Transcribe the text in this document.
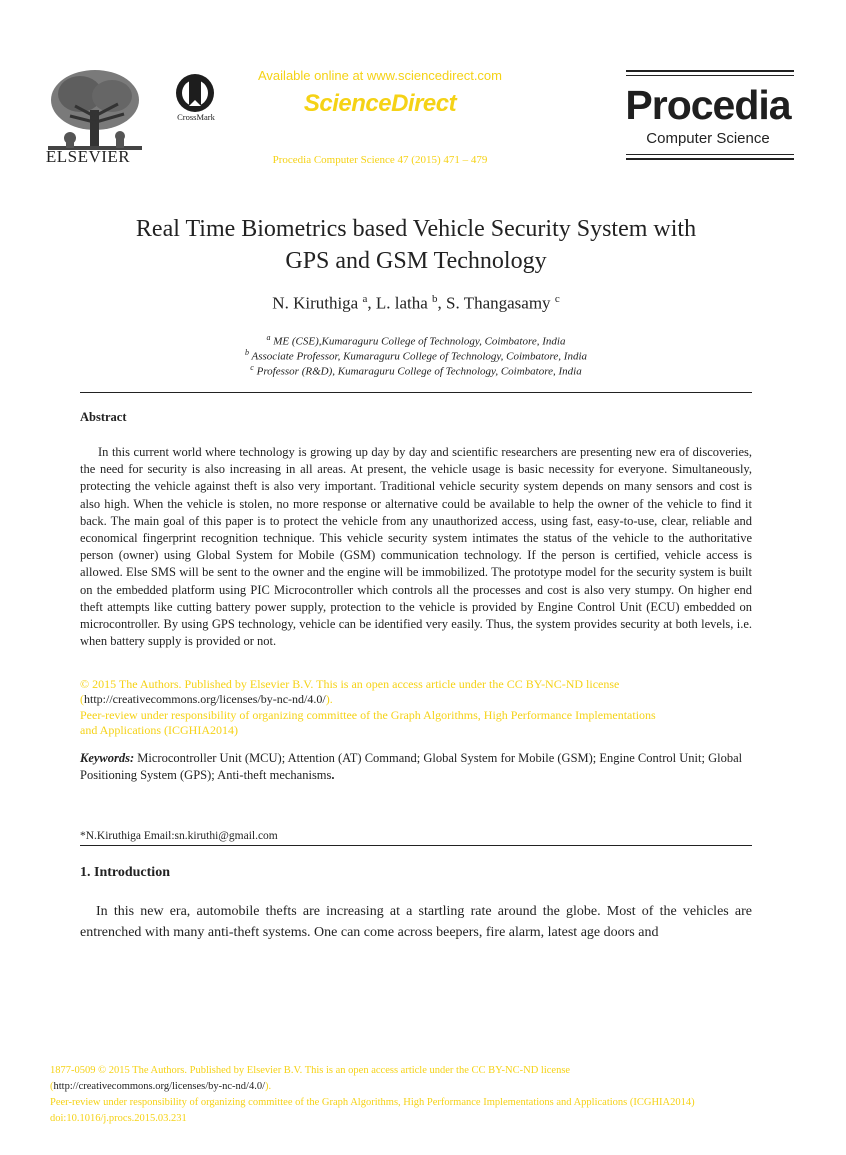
ELSEVIER
CrossMark
Available online at www.sciencedirect.com
ScienceDirect
Procedia Computer Science 47 (2015) 471 – 479
Procedia
Computer Science
Real Time Biometrics based Vehicle Security System with
GPS and GSM Technology
N. Kiruthiga $^a$, L. latha $^b$, S. Thangasamy $^c$
$^a$ ME (CSE),Kumaraguru College of Technology, Coimbatore, India
$^b$ Associate Professor, Kumaraguru College of Technology, Coimbatore, India
$^c$ Professor (R&D), Kumaraguru College of Technology, Coimbatore, India
Abstract
In this current world where technology is growing up day by day and scientific researchers are presenting new era of discoveries, the need for security is also increasing in all areas. At present, the vehicle usage is basic necessity for everyone. Simultaneously, protecting the vehicle against theft is also very important. Traditional vehicle security system depends on many sensors and cost is also high. When the vehicle is stolen, no more response or alternative could be available to help the owner of the vehicle to find it back. The main goal of this paper is to protect the vehicle from any unauthorized access, using fast, easy-to-use, clear, reliable and economical fingerprint recognition technique. This vehicle security system intimates the status of the vehicle to the authoritative person (owner) using Global System for Mobile (GSM) communication technology. If the person is certified, vehicle access is allowed. Else SMS will be sent to the owner and the engine will be immobilized. The prototype model for the security system is built on the embedded platform using PIC Microcontroller which controls all the processes and cost is also very stumpy. On higher end theft attempts like cutting battery power supply, protection to the vehicle is provided by Engine Control Unit (ECU) embedded on microcontroller. By using GPS technology, vehicle can be identified very easily. Thus, the system provides security at both levels, i.e. when battery supply is provided or not.
© 2015 The Authors. Published by Elsevier B.V. This is an open access article under the CC BY-NC-ND license
(http://creativecommons.org/licenses/by-nc-nd/4.0/).
Peer-review under responsibility of organizing committee of the Graph Algorithms, High Performance Implementations
and Applications (ICGHIA2014)
Keywords: Microcontroller Unit (MCU); Attention (AT) Command; Global System for Mobile (GSM); Engine Control Unit; Global Positioning System (GPS); Anti-theft mechanisms.
*N.Kiruthiga Email:sn.kiruthi@gmail.com
1. Introduction
In this new era, automobile thefts are increasing at a startling rate around the globe. Most of the vehicles are entrenched with many anti-theft systems. One can come across beepers, fire alarm, latest age doors and
1877-0509 © 2015 The Authors. Published by Elsevier B.V. This is an open access article under the CC BY-NC-ND license
(http://creativecommons.org/licenses/by-nc-nd/4.0/).
Peer-review under responsibility of organizing committee of the Graph Algorithms, High Performance Implementations and Applications (ICGHIA2014)
doi:10.1016/j.procs.2015.03.231
